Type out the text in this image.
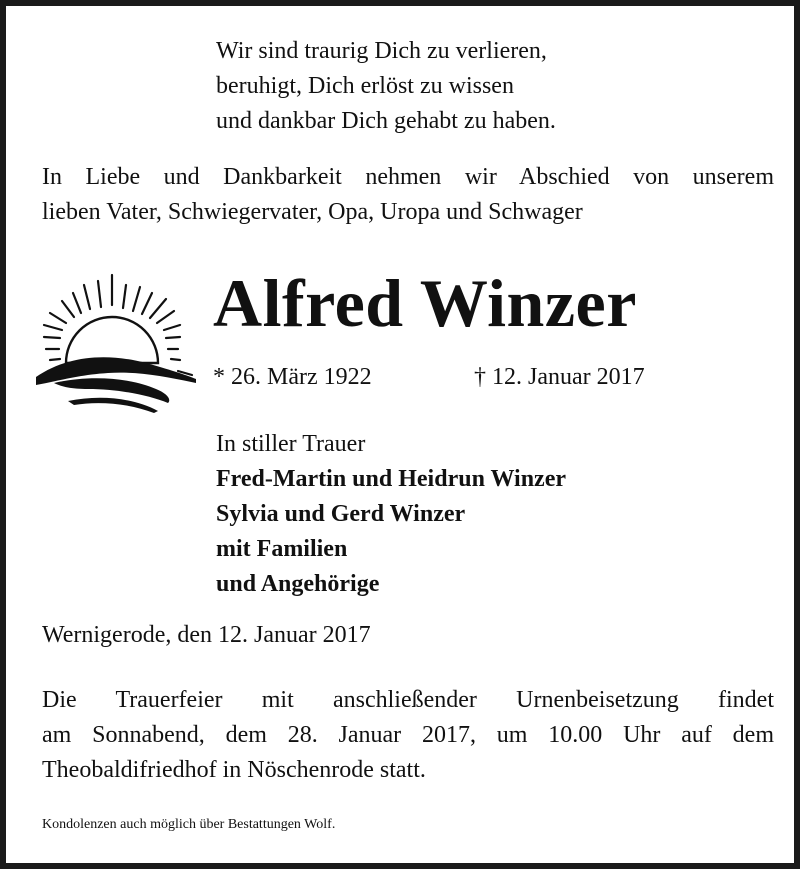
Wir sind traurig Dich zu verlieren,
beruhigt, Dich erlöst zu wissen
und dankbar Dich gehabt zu haben.
In Liebe und Dankbarkeit nehmen wir Abschied von unserem
lieben Vater, Schwiegervater, Opa, Uropa und Schwager
Alfred Winzer
* 26. März 1922	† 12. Januar 2017
In stiller Trauer
Fred-Martin und Heidrun Winzer
Sylvia und Gerd Winzer
mit Familien
und Angehörige
Wernigerode, den 12. Januar 2017
Die Trauerfeier mit anschließender Urnenbeisetzung findet
am Sonnabend, dem 28. Januar 2017, um 10.00 Uhr auf dem
Theobaldifriedhof in Nöschenrode statt.
Kondolenzen auch möglich über Bestattungen Wolf.
